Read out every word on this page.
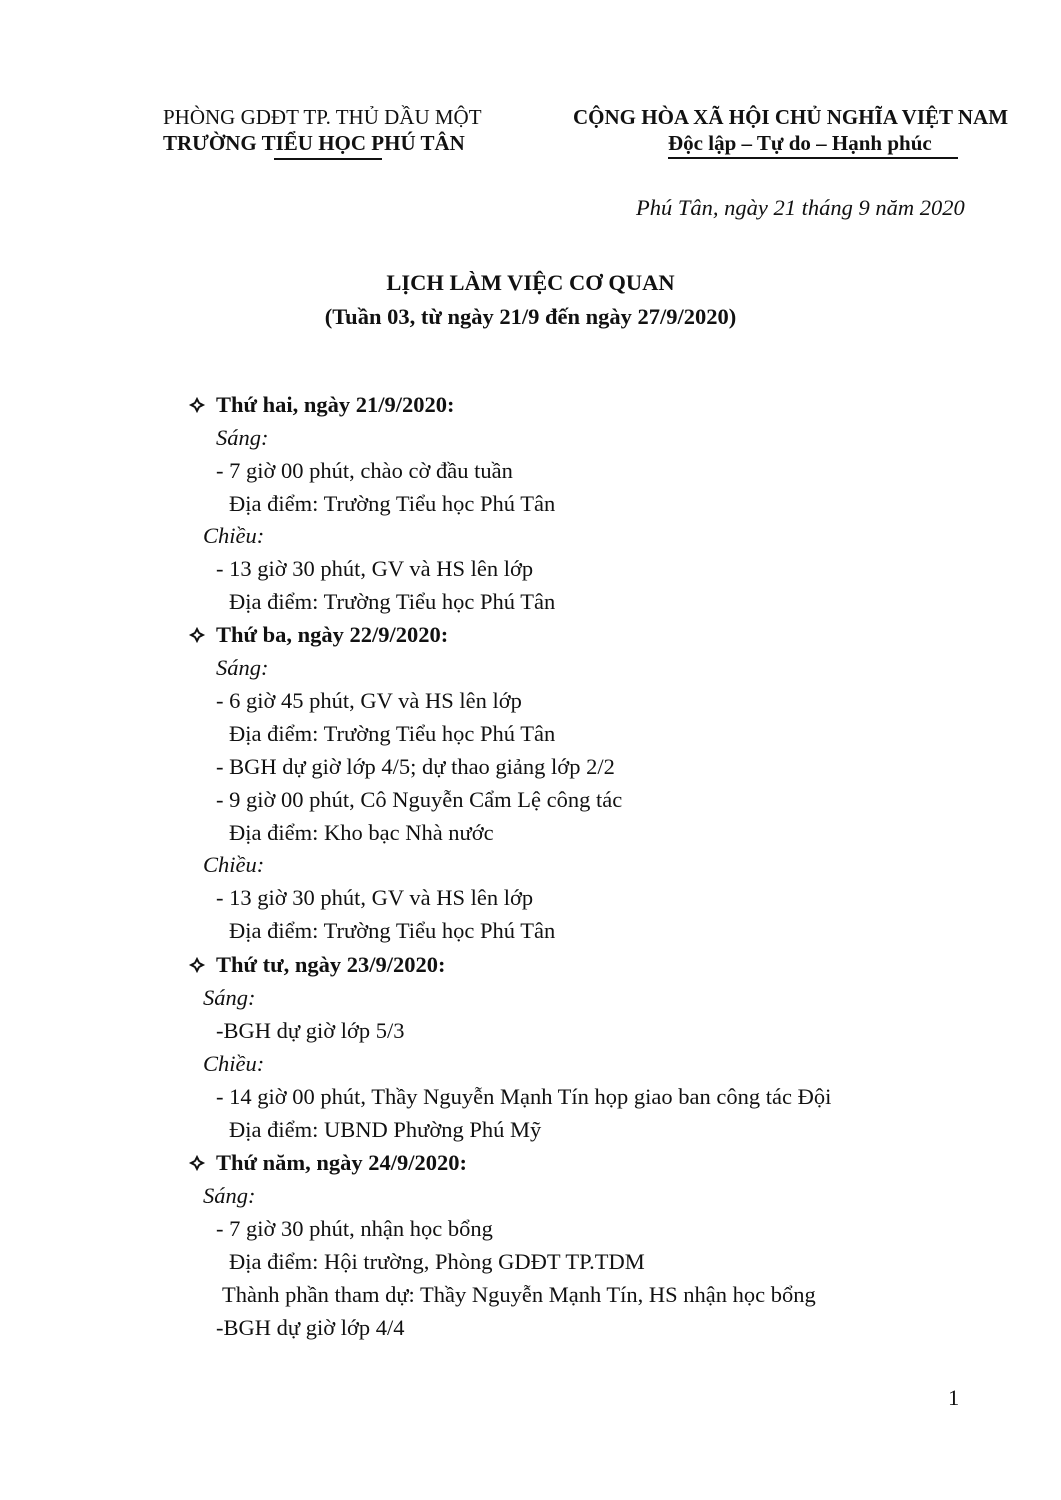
PHÒNG GDĐT TP. THỦ DẦU MỘT
TRƯỜNG TIỂU HỌC PHÚ TÂN
CỘNG HÒA XÃ HỘI CHỦ NGHĨA VIỆT NAM
Độc lập – Tự do – Hạnh phúc
Phú Tân, ngày 21 tháng 9 năm 2020
LỊCH LÀM VIỆC CƠ QUAN
(Tuần 03, từ ngày 21/9 đến ngày 27/9/2020)
Thứ hai, ngày 21/9/2020:
Sáng:
- 7 giờ 00 phút, chào cờ đầu tuần
Địa điểm: Trường Tiểu học Phú Tân
Chiều:
- 13 giờ 30 phút, GV và HS lên lớp
Địa điểm: Trường Tiểu học Phú Tân
Thứ ba, ngày 22/9/2020:
Sáng:
- 6 giờ 45 phút, GV và HS lên lớp
Địa điểm: Trường Tiểu học Phú Tân
- BGH dự giờ lớp 4/5; dự thao giảng lớp 2/2
- 9 giờ 00 phút, Cô Nguyễn Cẩm Lệ công tác
Địa điểm: Kho bạc Nhà nước
Chiều:
- 13 giờ 30 phút, GV và HS lên lớp
Địa điểm: Trường Tiểu học Phú Tân
Thứ tư, ngày 23/9/2020:
Sáng:
-BGH dự giờ lớp 5/3
Chiều:
- 14 giờ 00 phút, Thầy Nguyễn Mạnh Tín họp giao ban công tác Đội
Địa điểm: UBND Phường Phú Mỹ
Thứ năm, ngày 24/9/2020:
Sáng:
- 7 giờ 30 phút, nhận học bổng
Địa điểm: Hội trường, Phòng GDĐT TP.TDM
Thành phần tham dự: Thầy Nguyễn Mạnh Tín, HS nhận học bổng
-BGH dự giờ lớp 4/4
1
